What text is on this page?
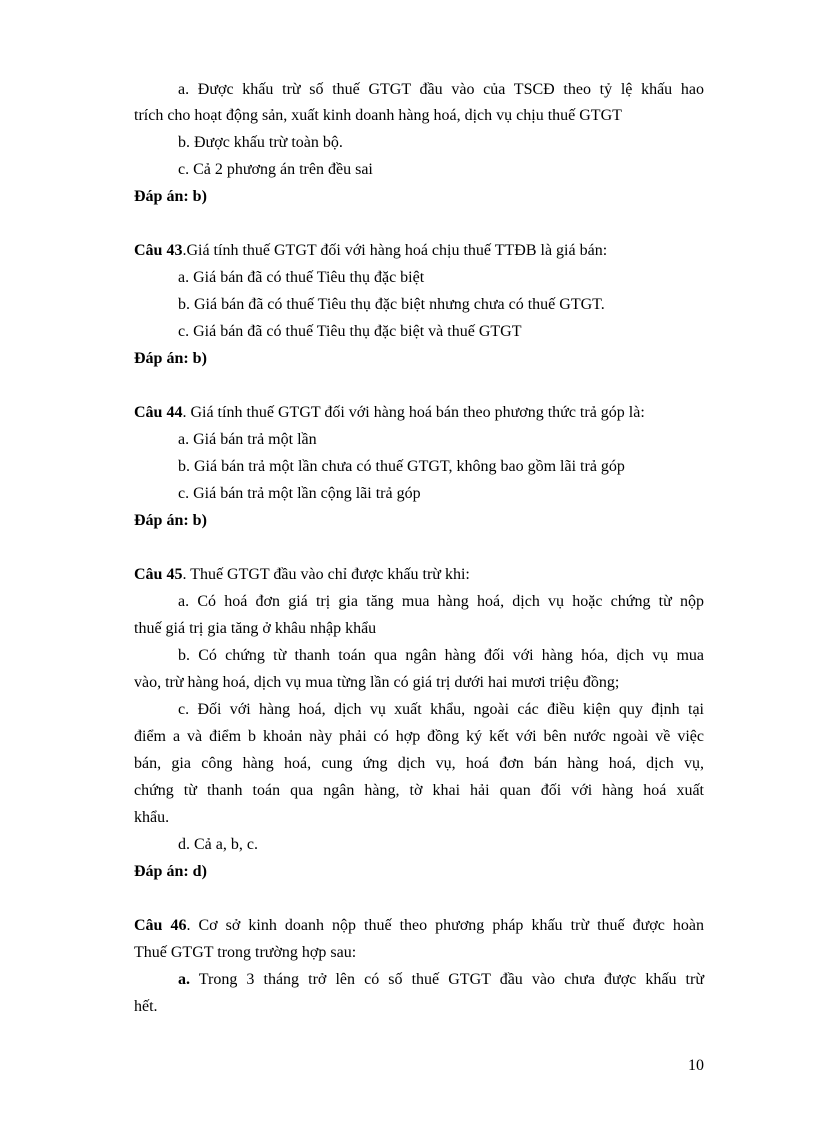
a. Được khấu trừ số thuế GTGT đầu vào của TSCĐ theo tỷ lệ khấu hao
trích cho hoạt động sản, xuất kinh doanh hàng hoá, dịch vụ chịu thuế GTGT
b. Được khấu trừ toàn bộ.
c. Cả 2 phương án trên đều sai
Đáp án: b)
Câu 43.Giá tính thuế GTGT đối với hàng hoá chịu thuế TTĐB là giá bán:
a. Giá bán đã có thuế Tiêu thụ đặc biệt
b. Giá bán đã có thuế Tiêu thụ đặc biệt nhưng chưa có thuế GTGT.
c. Giá bán đã có thuế Tiêu thụ đặc biệt và thuế GTGT
Đáp án: b)
Câu 44. Giá tính thuế GTGT đối với hàng hoá bán theo phương thức trả góp là:
a. Giá bán trả một lần
b. Giá bán trả một lần chưa có thuế GTGT, không bao gồm lãi trả góp
c. Giá bán trả một lần cộng lãi trả góp
Đáp án: b)
Câu 45. Thuế GTGT đầu vào chỉ được khấu trừ khi:
a. Có hoá đơn giá trị gia tăng mua hàng hoá, dịch vụ hoặc chứng từ nộp
thuế giá trị gia tăng ở khâu nhập khẩu
b. Có chứng từ thanh toán qua ngân hàng đối với hàng hóa, dịch vụ mua
vào, trừ hàng hoá, dịch vụ mua từng lần có giá trị dưới hai mươi triệu đồng;
c. Đối với hàng hoá, dịch vụ xuất khẩu, ngoài các điều kiện quy định tại
điểm a và điểm b khoản này phải có hợp đồng ký kết với bên nước ngoài về việc
bán, gia công hàng hoá, cung ứng dịch vụ, hoá đơn bán hàng hoá, dịch vụ,
chứng từ thanh toán qua ngân hàng, tờ khai hải quan đối với hàng hoá xuất
khẩu.
d. Cả a, b, c.
Đáp án: d)
Câu 46. Cơ sở kinh doanh nộp thuế theo phương pháp khấu trừ thuế được hoàn
Thuế GTGT trong trường hợp sau:
a. Trong 3 tháng trở lên có số thuế GTGT đầu vào chưa được khấu trừ
hết.
10
